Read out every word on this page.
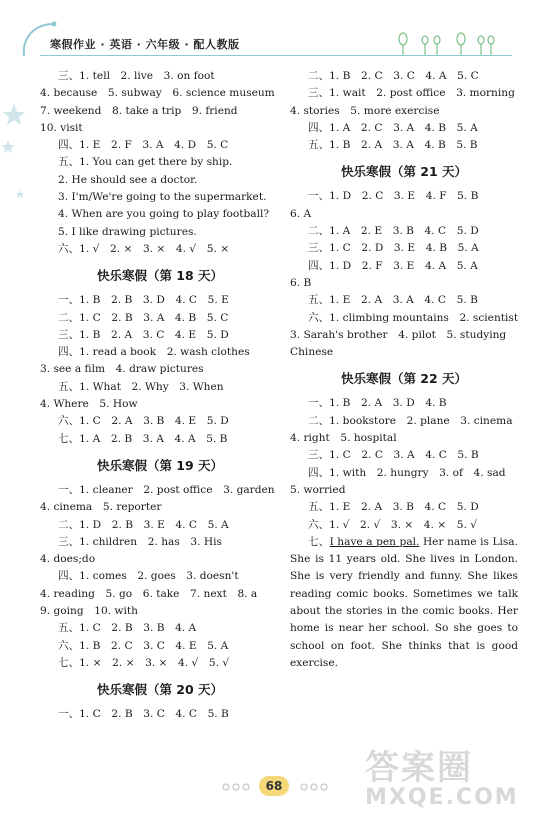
寒假作业 · 英语 · 六年级 · 配人教版
三、1. tell　2. live　3. on foot
4. because　5. subway　6. science museum
7. weekend　8. take a trip　9. friend
10. visit
四、1. E　2. F　3. A　4. D　5. C
五、1. You can get there by ship.
2. He should see a doctor.
3. I'm/We're going to the supermarket.
4. When are you going to play football?
5. I like drawing pictures.
六、1. √　2. ×　3. ×　4. √　5. ×
快乐寒假（第 18 天）
一、1. B　2. B　3. D　4. C　5. E
二、1. C　2. B　3. A　4. B　5. C
三、1. B　2. A　3. C　4. E　5. D
四、1. read a book　2. wash clothes
3. see a film　4. draw pictures
五、1. What　2. Why　3. When
4. Where　5. How
六、1. C　2. A　3. B　4. E　5. D
七、1. A　2. B　3. A　4. A　5. B
快乐寒假（第 19 天）
一、1. cleaner　2. post office　3. garden
4. cinema　5. reporter
二、1. D　2. B　3. E　4. C　5. A
三、1. children　2. has　3. His
4. does;do
四、1. comes　2. goes　3. doesn't
4. reading　5. go　6. take　7. next　8. a
9. going　10. with
五、1. C　2. B　3. B　4. A
六、1. B　2. C　3. C　4. E　5. A
七、1. ×　2. ×　3. ×　4. √　5. √
快乐寒假（第 20 天）
一、1. C　2. B　3. C　4. C　5. B
二、1. B　2. C　3. C　4. A　5. C
三、1. wait　2. post office　3. morning
4. stories　5. more exercise
四、1. A　2. C　3. A　4. B　5. A
五、1. B　2. A　3. A　4. B　5. B
快乐寒假（第 21 天）
一、1. D　2. C　3. E　4. F　5. B
6. A
二、1. A　2. E　3. B　4. C　5. D
三、1. C　2. D　3. E　4. B　5. A
四、1. D　2. F　3. E　4. A　5. A
6. B
五、1. E　2. A　3. A　4. C　5. B
六、1. climbing mountains　2. scientist
3. Sarah's brother　4. pilot　5. studying
Chinese
快乐寒假（第 22 天）
一、1. B　2. A　3. D　4. B
二、1. bookstore　2. plane　3. cinema
4. right　5. hospital
三、1. C　2. C　3. A　4. C　5. B
四、1. with　2. hungry　3. of　4. sad
5. worried
五、1. E　2. A　3. B　4. C　5. D
六、1. √　2. √　3. ×　4. ×　5. √
七、I have a pen pal. Her name is Lisa. She is 11 years old. She lives in London. She is very friendly and funny. She likes reading comic books. Sometimes we talk about the stories in the comic books. Her home is near her school. So she goes to school on foot. She thinks that is good exercise.
68 答案圈
MXQE.COM
